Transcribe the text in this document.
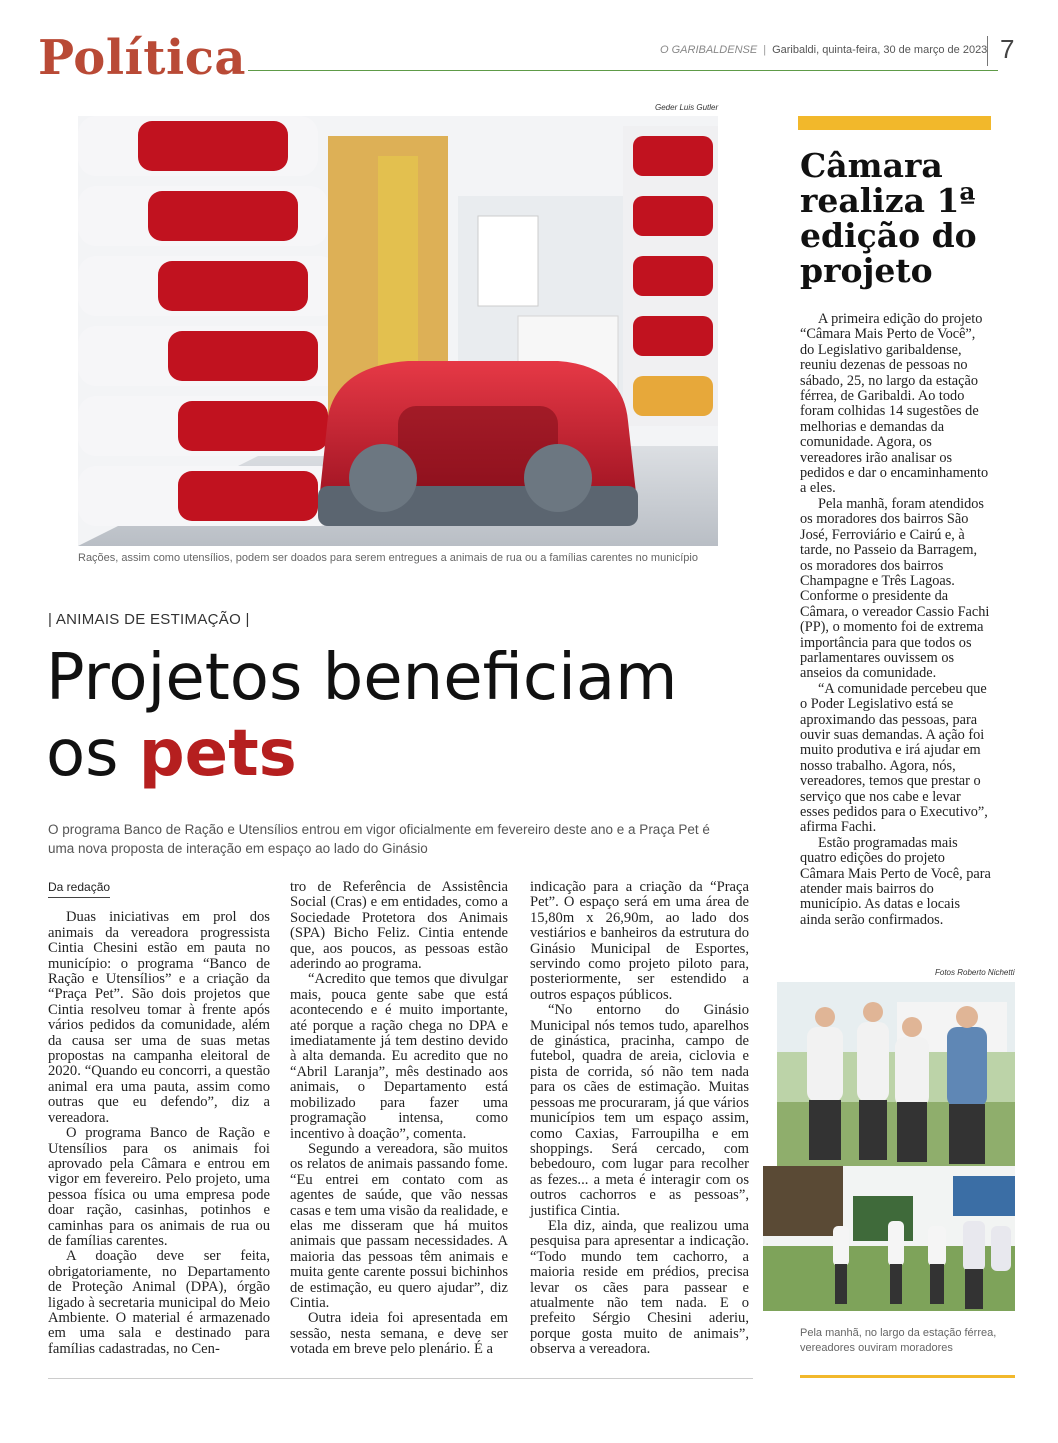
Política	O GARIBALDENSE | Garibaldi, quinta-feira, 30 de março de 2023 7
Geder Luis Gutler
Rações, assim como utensílios, podem ser doados para serem entregues a animais de rua ou a famílias carentes no município
| ANIMAIS DE ESTIMAÇÃO |
Projetos beneficiam
os pets
O programa Banco de Ração e Utensílios entrou em vigor oficialmente em fevereiro deste ano e a Praça Pet é uma nova proposta de interação em espaço ao lado do Ginásio
Da redação

Duas iniciativas em prol dos animais da vereadora progressista Cintia Chesini estão em pauta no município: o programa “Banco de Ração e Utensílios” e a criação da “Praça Pet”. São dois projetos que Cintia resolveu tomar à frente após vários pedidos da comunidade, além da causa ser uma de suas metas propostas na campanha eleitoral de 2020. “Quando eu concorri, a questão animal era uma pauta, assim como outras que eu defendo”, diz a vereadora.

O programa Banco de Ração e Utensílios para os animais foi aprovado pela Câmara e entrou em vigor em fevereiro. Pelo projeto, uma pessoa física ou uma empresa pode doar ração, casinhas, potinhos e caminhas para os animais de rua ou de famílias carentes.

A doação deve ser feita, obrigatoriamente, no Departamento de Proteção Animal (DPA), órgão ligado à secretaria municipal do Meio Ambiente. O material é armazenado em uma sala e destinado para famílias cadastradas, no Cen-

tro de Referência de Assistência Social (Cras) e em entidades, como a Sociedade Protetora dos Animais (SPA) Bicho Feliz. Cintia entende que, aos poucos, as pessoas estão aderindo ao programa.

“Acredito que temos que divulgar mais, pouca gente sabe que está acontecendo e é muito importante, até porque a ração chega no DPA e imediatamente já tem destino devido à alta demanda. Eu acredito que no “Abril Laranja”, mês destinado aos animais, o Departamento está mobilizado para fazer uma programação intensa, como incentivo à doação”, comenta.

Segundo a vereadora, são muitos os relatos de animais passando fome. “Eu entrei em contato com as agentes de saúde, que vão nessas casas e tem uma visão da realidade, e elas me disseram que há muitos animais que passam necessidades. A maioria das pessoas têm animais e muita gente carente possui bichinhos de estimação, eu quero ajudar”, diz Cintia.

Outra ideia foi apresentada em sessão, nesta semana, e deve ser votada em breve pelo plenário. É a

indicação para a criação da “Praça Pet”. O espaço será em uma área de 15,80m x 26,90m, ao lado dos vestiários e banheiros da estrutura do Ginásio Municipal de Esportes, servindo como projeto piloto para, posteriormente, ser estendido a outros espaços públicos.

“No entorno do Ginásio Municipal nós temos tudo, aparelhos de ginástica, pracinha, campo de futebol, quadra de areia, ciclovia e pista de corrida, só não tem nada para os cães de estimação. Muitas pessoas me procuraram, já que vários municípios tem um espaço assim, como Caxias, Farroupilha e em shoppings. Será cercado, com bebedouro, com lugar para recolher as fezes... a meta é interagir com os outros cachorros e as pessoas”, justifica Cintia.

Ela diz, ainda, que realizou uma pesquisa para apresentar a indicação. “Todo mundo tem cachorro, a maioria reside em prédios, precisa levar os cães para passear e atualmente não tem nada. E o prefeito Sérgio Chesini aderiu, porque gosta muito de animais”, observa a vereadora.

Câmara realiza 1ª edição do projeto

A primeira edição do projeto “Câmara Mais Perto de Você”, do Legislativo garibaldense, reuniu dezenas de pessoas no sábado, 25, no largo da estação férrea, de Garibaldi. Ao todo foram colhidas 14 sugestões de melhorias e demandas da comunidade. Agora, os vereadores irão analisar os pedidos e dar o encaminhamento a eles.

Pela manhã, foram atendidos os moradores dos bairros São José, Ferroviário e Cairú e, à tarde, no Passeio da Barragem, os moradores dos bairros Champagne e Três Lagoas. Conforme o presidente da Câmara, o vereador Cassio Fachi (PP), o momento foi de extrema importância para que todos os parlamentares ouvissem os anseios da comunidade.

“A comunidade percebeu que o Poder Legislativo está se aproximando das pessoas, para ouvir suas demandas. A ação foi muito produtiva e irá ajudar em nosso trabalho. Agora, nós, vereadores, temos que prestar o serviço que nos cabe e levar esses pedidos para o Executivo”, afirma Fachi.

Estão programadas mais quatro edições do projeto Câmara Mais Perto de Você, para atender mais bairros do município. As datas e locais ainda serão confirmados.

Fotos Roberto Nichetti
Pela manhã, no largo da estação férrea, vereadores ouviram moradores
